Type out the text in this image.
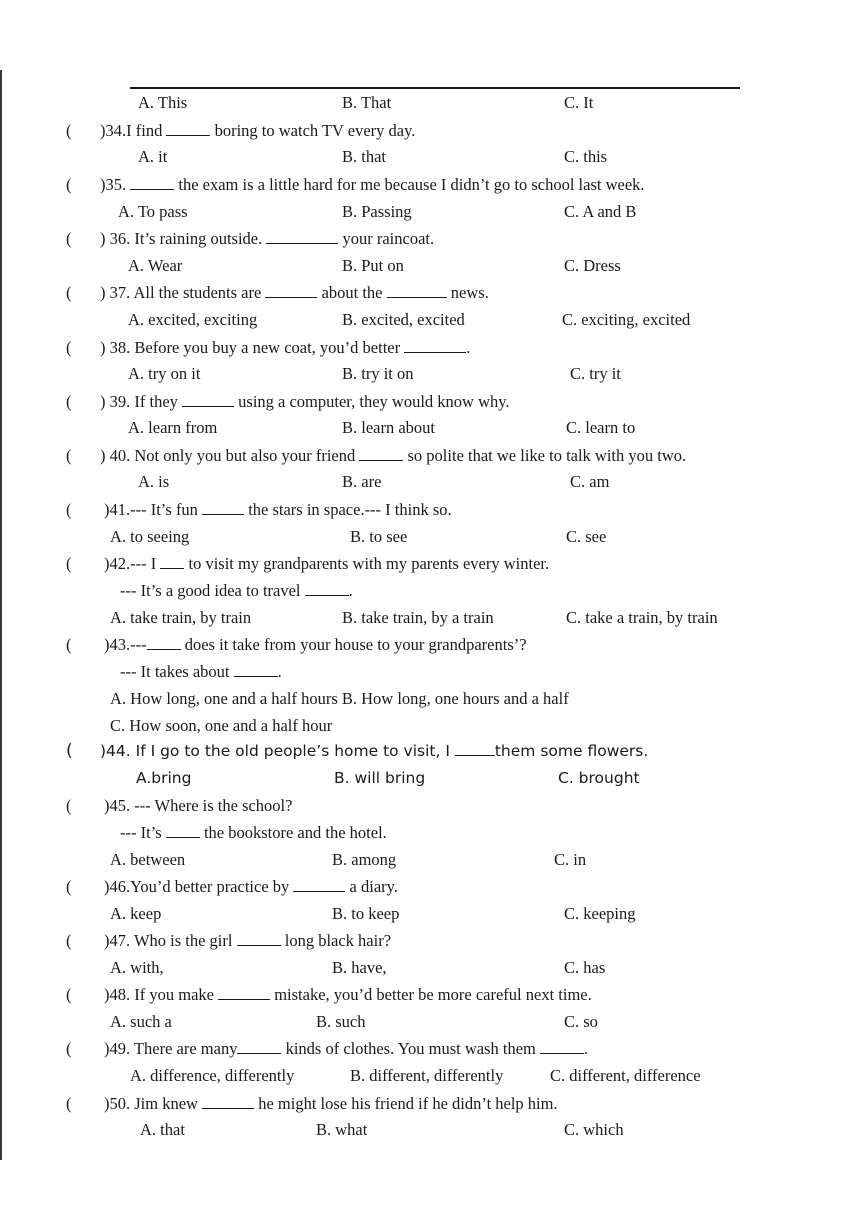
A. This	B. That	C. It
( )34.I find	boring to watch TV every day.
A. it	B. that	C. this
( )35.	the exam is a little hard for me because I didn’t go to school last week.
A. To pass	B. Passing	C. A and B
( ) 36. It’s raining outside.	your raincoat.
A. Wear	B. Put on	C. Dress
( ) 37. All the students are	about the	news.
A. excited, exciting	B. excited, excited	C. exciting, excited
( ) 38. Before you buy a new coat, you’d better	.
A. try on it	B. try it on	C. try it
( ) 39. If they	using a computer, they would know why.
A. learn from	B. learn about	C. learn to
( ) 40. Not only you but also your friend	so polite that we like to talk with you two.
A. is	B. are	C. am
( )41.--- It’s fun	the stars in space.--- I think so.
A. to seeing	B. to see	C. see
( )42.--- I  to visit my grandparents with my parents every winter.
--- It’s a good idea to travel	.
A. take train, by train	B. take train, by a train	C. take a train, by train
( )43.--- does it take from your house to your grandparents’?
--- It takes about	.
A. How long, one and a half hours B. How long, one hours and a half
C. How soon, one and a half hour
( )44. If I go to the old people’s home to visit, I	them some flowers.
A.bring	B. will bring	C. brought
( )45. --- Where is the school?
--- It’s  the bookstore and the hotel.
A. between	B. among	C. in
( )46.You’d better practice by	a diary.
A. keep	B. to keep	C. keeping
( )47. Who is the girl	long black hair?
A. with,	B. have,	C. has
( )48. If you make	mistake, you’d better be more careful next time.
A. such a	B. such	C. so
( )49. There are many	kinds of clothes. You must wash them	.
A. difference, differently	B. different, differently	C. different, difference
( )50. Jim knew	he might lose his friend if he didn’t help him.
A. that	B. what	C. which
